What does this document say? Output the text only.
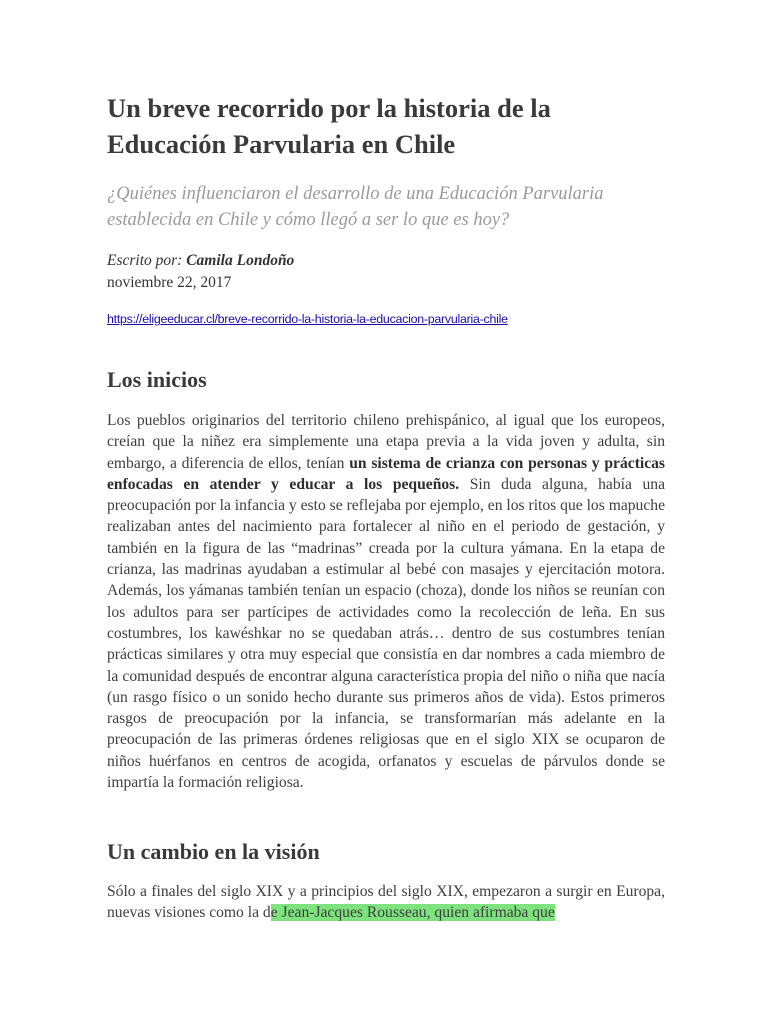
Un breve recorrido por la historia de la Educación Parvularia en Chile

¿Quiénes influenciaron el desarrollo de una Educación Parvularia establecida en Chile y cómo llegó a ser lo que es hoy?

Escrito por: Camila Londoño

noviembre 22, 2017

https://eligeeducar.cl/breve-recorrido-la-historia-la-educacion-parvularia-chile
Los inicios

Los pueblos originarios del territorio chileno prehispánico, al igual que los europeos, creían que la niñez era simplemente una etapa previa a la vida joven y adulta, sin embargo, a diferencia de ellos, tenían un sistema de crianza con personas y prácticas enfocadas en atender y educar a los pequeños. Sin duda alguna, había una preocupación por la infancia y esto se reflejaba por ejemplo, en los ritos que los mapuche realizaban antes del nacimiento para fortalecer al niño en el periodo de gestación, y también en la figura de las “madrinas” creada por la cultura yámana. En la etapa de crianza, las madrinas ayudaban a estimular al bebé con masajes y ejercitación motora. Además, los yámanas también tenían un espacio (choza), donde los niños se reunían con los adultos para ser partícipes de actividades como la recolección de leña. En sus costumbres, los kawéshkar no se quedaban atrás… dentro de sus costumbres tenían prácticas similares y otra muy especial que consistía en dar nombres a cada miembro de la comunidad después de encontrar alguna característica propia del niño o niña que nacía (un rasgo físico o un sonido hecho durante sus primeros años de vida). Estos primeros rasgos de preocupación por la infancia, se transformarían más adelante en la preocupación de las primeras órdenes religiosas que en el siglo XIX se ocuparon de niños huérfanos en centros de acogida, orfanatos y escuelas de párvulos donde se impartía la formación religiosa.

Un cambio en la visión

Sólo a finales del siglo XIX y a principios del siglo XIX, empezaron a surgir en Europa, nuevas visiones como la de Jean-Jacques Rousseau, quien afirmaba que
